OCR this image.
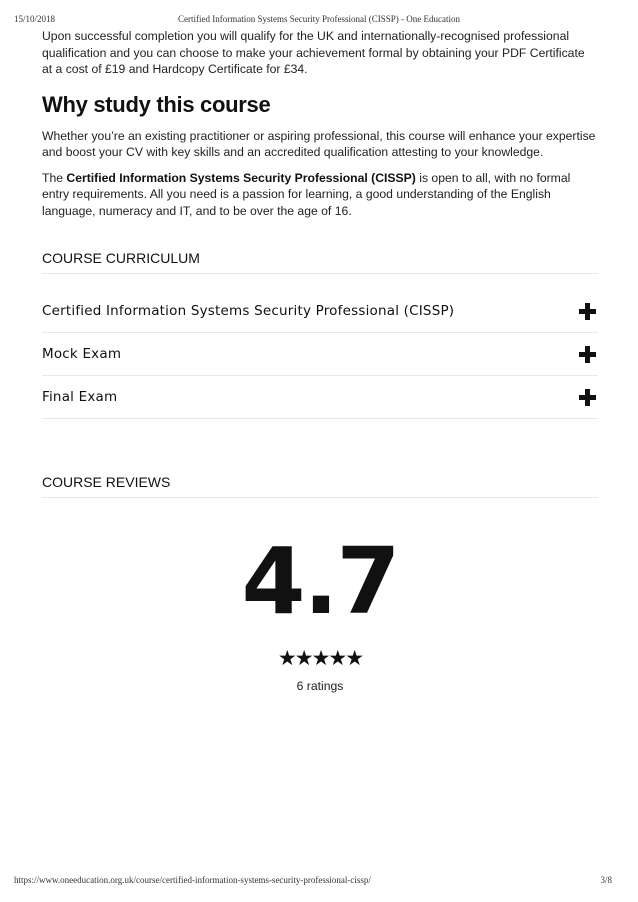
15/10/2018	Certified Information Systems Security Professional (CISSP) - One Education

Upon successful completion you will qualify for the UK and internationally-recognised professional qualification and you can choose to make your achievement formal by obtaining your PDF Certificate at a cost of £19 and Hardcopy Certificate for £34.

Why study this course

Whether you’re an existing practitioner or aspiring professional, this course will enhance your expertise and boost your CV with key skills and an accredited qualification attesting to your knowledge.

The Certified Information Systems Security Professional (CISSP) is open to all, with no formal entry requirements. All you need is a passion for learning, a good understanding of the English language, numeracy and IT, and to be over the age of 16.

COURSE CURRICULUM
Certified Information Systems Security Professional (CISSP)
Mock Exam
Final Exam
COURSE REVIEWS
4.7
★★★★★
6 ratings
https://www.oneeducation.org.uk/course/certified-information-systems-security-professional-cissp/	3/8
